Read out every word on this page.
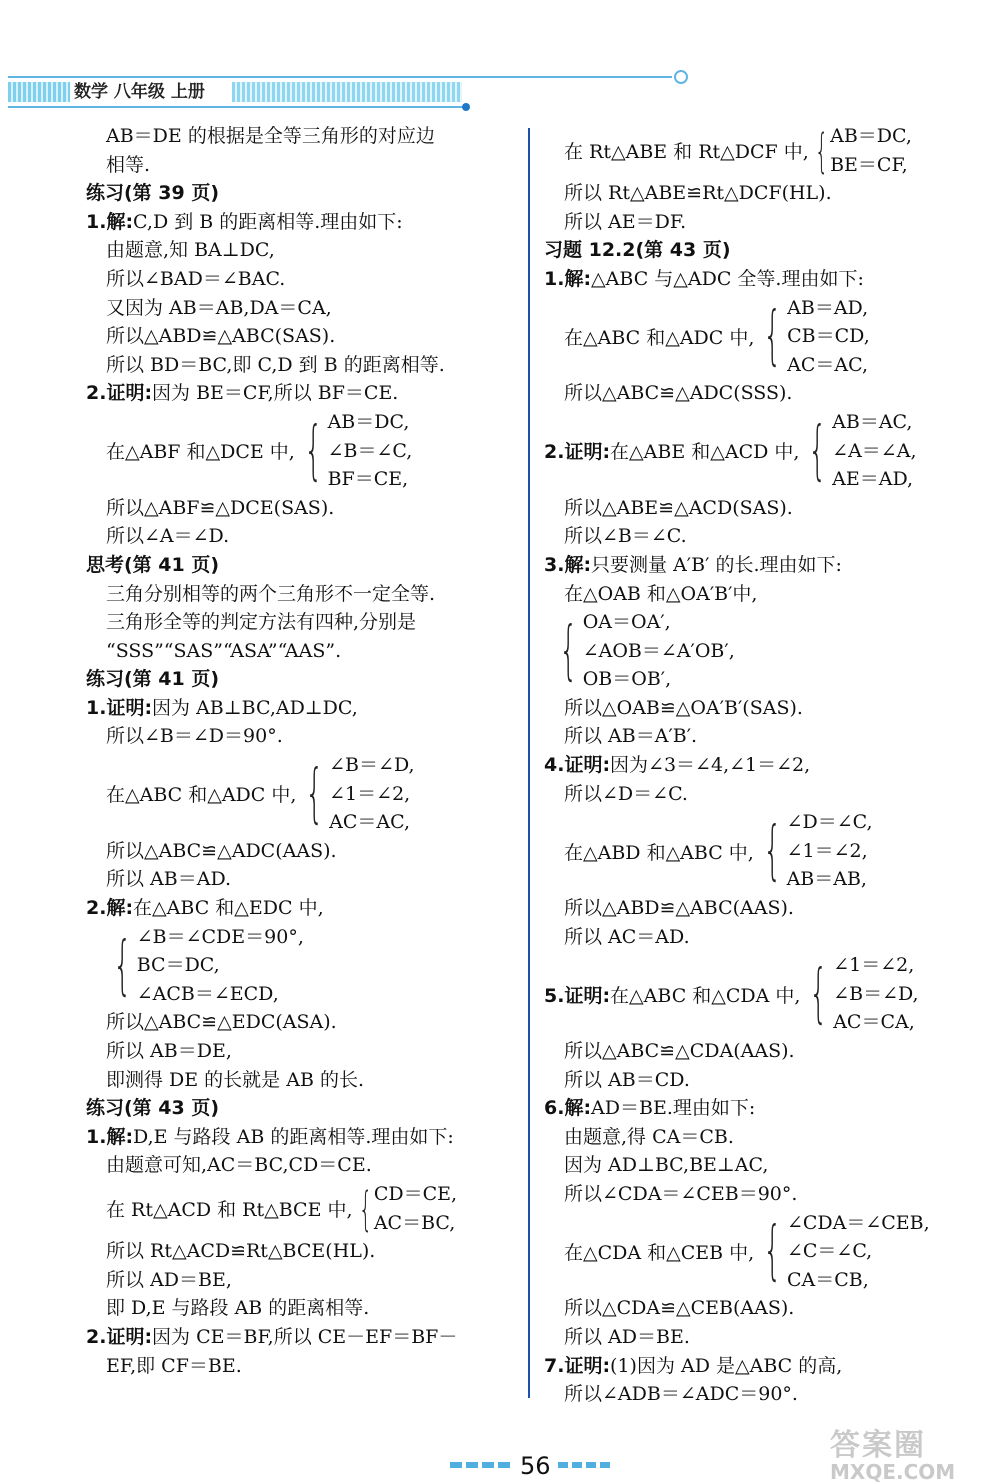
数学 八年级 上册
AB＝DE 的根据是全等三角形的对应边
相等.
练习(第 39 页)
1.解:C,D 到 B 的距离相等.理由如下:
由题意,知 BA⊥DC,
所以∠BAD＝∠BAC.
又因为 AB＝AB,DA＝CA,
所以△ABD≌△ABC(SAS).
所以 BD＝BC,即 C,D 到 B 的距离相等.
2.证明:因为 BE＝CF,所以 BF＝CE.
在△ABF 和△DCE 中, { AB＝DC,
∠B＝∠C,
BF＝CE,
所以△ABF≌△DCE(SAS).
所以∠A＝∠D.
思考(第 41 页)
三角分别相等的两个三角形不一定全等.
三角形全等的判定方法有四种,分别是
“SSS”“SAS”“ASA”“AAS”.
练习(第 41 页)
1.证明:因为 AB⊥BC,AD⊥DC,
所以∠B＝∠D＝90°.
在△ABC 和△ADC 中, { ∠B＝∠D,
∠1＝∠2,
AC＝AC,
所以△ABC≌△ADC(AAS).
所以 AB＝AD.
2.解:在△ABC 和△EDC 中,
{ ∠B＝∠CDE＝90°,
BC＝DC,
∠ACB＝∠ECD,
所以△ABC≌△EDC(ASA).
所以 AB＝DE,
即测得 DE 的长就是 AB 的长.
练习(第 43 页)
1.解:D,E 与路段 AB 的距离相等.理由如下:
由题意可知,AC＝BC,CD＝CE.
在 Rt△ACD 和 Rt△BCE 中, { CD＝CE,
AC＝BC,
所以 Rt△ACD≌Rt△BCE(HL).
所以 AD＝BE,
即 D,E 与路段 AB 的距离相等.
2.证明:因为 CE＝BF,所以 CE－EF＝BF－
EF,即 CF＝BE.
在 Rt△ABE 和 Rt△DCF 中, { AB＝DC,
BE＝CF,
所以 Rt△ABE≌Rt△DCF(HL).
所以 AE＝DF.
习题 12.2(第 43 页)
1.解:△ABC 与△ADC 全等.理由如下:
在△ABC 和△ADC 中, { AB＝AD,
CB＝CD,
AC＝AC,
所以△ABC≌△ADC(SSS).
2.证明:在△ABE 和△ACD 中, { AB＝AC,
∠A＝∠A,
AE＝AD,
所以△ABE≌△ACD(SAS).
所以∠B＝∠C.
3.解:只要测量 A′B′ 的长.理由如下:
在△OAB 和△OA′B′中,
{ OA＝OA′,
∠AOB＝∠A′OB′,
OB＝OB′,
所以△OAB≌△OA′B′(SAS).
所以 AB＝A′B′.
4.证明:因为∠3＝∠4,∠1＝∠2,
所以∠D＝∠C.
在△ABD 和△ABC 中, { ∠D＝∠C,
∠1＝∠2,
AB＝AB,
所以△ABD≌△ABC(AAS).
所以 AC＝AD.
5.证明:在△ABC 和△CDA 中, { ∠1＝∠2,
∠B＝∠D,
AC＝CA,
所以△ABC≌△CDA(AAS).
所以 AB＝CD.
6.解:AD＝BE.理由如下:
由题意,得 CA＝CB.
因为 AD⊥BC,BE⊥AC,
所以∠CDA＝∠CEB＝90°.
在△CDA 和△CEB 中, { ∠CDA＝∠CEB,
∠C＝∠C,
CA＝CB,
所以△CDA≌△CEB(AAS).
所以 AD＝BE.
7.证明:(1)因为 AD 是△ABC 的高,
所以∠ADB＝∠ADC＝90°.
56
答案圈
MXQE.COM
